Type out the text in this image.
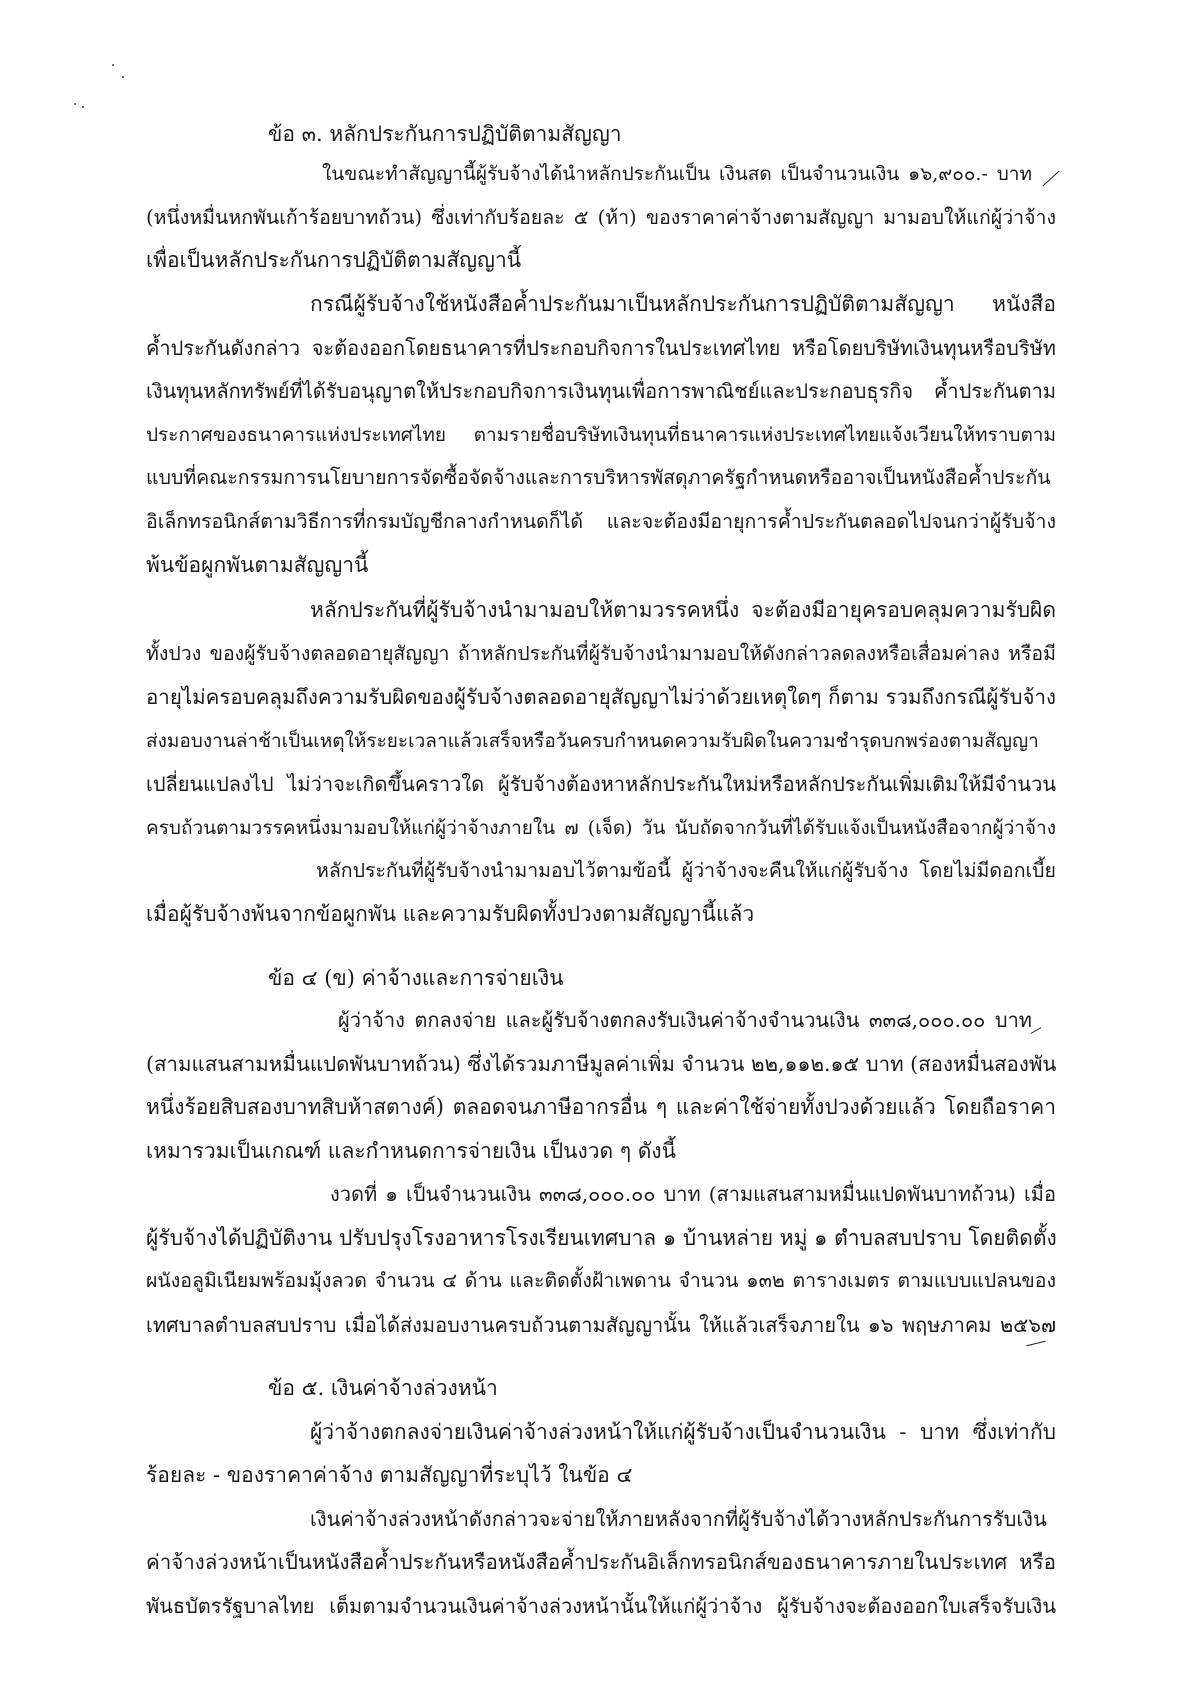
ข้อ ๓. หลักประกันการปฏิบัติตามสัญญา
ในขณะทำสัญญานี้ผู้รับจ้างได้นำหลักประกันเป็น เงินสด เป็นจำนวนเงิน ๑๖,๙๐๐.- บาท
(หนึ่งหมื่นหกพันเก้าร้อยบาทถ้วน) ซึ่งเท่ากับร้อยละ ๕ (ห้า) ของราคาค่าจ้างตามสัญญา มามอบให้แก่ผู้ว่าจ้าง
เพื่อเป็นหลักประกันการปฏิบัติตามสัญญานี้
กรณีผู้รับจ้างใช้หนังสือค้ำประกันมาเป็นหลักประกันการปฏิบัติตามสัญญา หนังสือ
ค้ำประกันดังกล่าว จะต้องออกโดยธนาคารที่ประกอบกิจการในประเทศไทย หรือโดยบริษัทเงินทุนหรือบริษัท
เงินทุนหลักทรัพย์ที่ได้รับอนุญาตให้ประกอบกิจการเงินทุนเพื่อการพาณิชย์และประกอบธุรกิจ ค้ำประกันตาม
ประกาศของธนาคารแห่งประเทศไทย ตามรายชื่อบริษัทเงินทุนที่ธนาคารแห่งประเทศไทยแจ้งเวียนให้ทราบตาม
แบบที่คณะกรรมการนโยบายการจัดซื้อจัดจ้างและการบริหารพัสดุภาครัฐกำหนดหรืออาจเป็นหนังสือค้ำประกัน
อิเล็กทรอนิกส์ตามวิธีการที่กรมบัญชีกลางกำหนดก็ได้ และจะต้องมีอายุการค้ำประกันตลอดไปจนกว่าผู้รับจ้าง
พ้นข้อผูกพันตามสัญญานี้
หลักประกันที่ผู้รับจ้างนำมามอบให้ตามวรรคหนึ่ง จะต้องมีอายุครอบคลุมความรับผิด
ทั้งปวง ของผู้รับจ้างตลอดอายุสัญญา ถ้าหลักประกันที่ผู้รับจ้างนำมามอบให้ดังกล่าวลดลงหรือเสื่อมค่าลง หรือมี
อายุไม่ครอบคลุมถึงความรับผิดของผู้รับจ้างตลอดอายุสัญญาไม่ว่าด้วยเหตุใดๆ ก็ตาม รวมถึงกรณีผู้รับจ้าง
ส่งมอบงานล่าช้าเป็นเหตุให้ระยะเวลาแล้วเสร็จหรือวันครบกำหนดความรับผิดในความชำรุดบกพร่องตามสัญญา
เปลี่ยนแปลงไป ไม่ว่าจะเกิดขึ้นคราวใด ผู้รับจ้างต้องหาหลักประกันใหม่หรือหลักประกันเพิ่มเติมให้มีจำนวน
ครบถ้วนตามวรรคหนึ่งมามอบให้แก่ผู้ว่าจ้างภายใน ๗ (เจ็ด) วัน นับถัดจากวันที่ได้รับแจ้งเป็นหนังสือจากผู้ว่าจ้าง
หลักประกันที่ผู้รับจ้างนำมามอบไว้ตามข้อนี้ ผู้ว่าจ้างจะคืนให้แก่ผู้รับจ้าง โดยไม่มีดอกเบี้ย
เมื่อผู้รับจ้างพ้นจากข้อผูกพัน และความรับผิดทั้งปวงตามสัญญานี้แล้ว
ข้อ ๔ (ข) ค่าจ้างและการจ่ายเงิน
ผู้ว่าจ้าง ตกลงจ่าย และผู้รับจ้างตกลงรับเงินค่าจ้างจำนวนเงิน ๓๓๘,๐๐๐.๐๐ บาท
(สามแสนสามหมื่นแปดพันบาทถ้วน) ซึ่งได้รวมภาษีมูลค่าเพิ่ม จำนวน ๒๒,๑๑๒.๑๕ บาท (สองหมื่นสองพัน
หนึ่งร้อยสิบสองบาทสิบห้าสตางค์) ตลอดจนภาษีอากรอื่น ๆ และค่าใช้จ่ายทั้งปวงด้วยแล้ว โดยถือราคา
เหมารวมเป็นเกณฑ์ และกำหนดการจ่ายเงิน เป็นงวด ๆ ดังนี้
งวดที่ ๑ เป็นจำนวนเงิน ๓๓๘,๐๐๐.๐๐ บาท (สามแสนสามหมื่นแปดพันบาทถ้วน) เมื่อ
ผู้รับจ้างได้ปฏิบัติงาน ปรับปรุงโรงอาหารโรงเรียนเทศบาล ๑ บ้านหล่าย หมู่ ๑ ตำบลสบปราบ โดยติดตั้ง
ผนังอลูมิเนียมพร้อมมุ้งลวด จำนวน ๔ ด้าน และติดตั้งฝ้าเพดาน จำนวน ๑๓๒ ตารางเมตร ตามแบบแปลนของ
เทศบาลตำบลสบปราบ เมื่อได้ส่งมอบงานครบถ้วนตามสัญญานั้น ให้แล้วเสร็จภายใน ๑๖ พฤษภาคม ๒๕๖๗
ข้อ ๕. เงินค่าจ้างล่วงหน้า
ผู้ว่าจ้างตกลงจ่ายเงินค่าจ้างล่วงหน้าให้แก่ผู้รับจ้างเป็นจำนวนเงิน - บาท ซึ่งเท่ากับ
ร้อยละ - ของราคาค่าจ้าง ตามสัญญาที่ระบุไว้ ในข้อ ๔
เงินค่าจ้างล่วงหน้าดังกล่าวจะจ่ายให้ภายหลังจากที่ผู้รับจ้างได้วางหลักประกันการรับเงิน
ค่าจ้างล่วงหน้าเป็นหนังสือค้ำประกันหรือหนังสือค้ำประกันอิเล็กทรอนิกส์ของธนาคารภายในประเทศ หรือ
พันธบัตรรัฐบาลไทย เต็มตามจำนวนเงินค่าจ้างล่วงหน้านั้นให้แก่ผู้ว่าจ้าง ผู้รับจ้างจะต้องออกใบเสร็จรับเงิน
